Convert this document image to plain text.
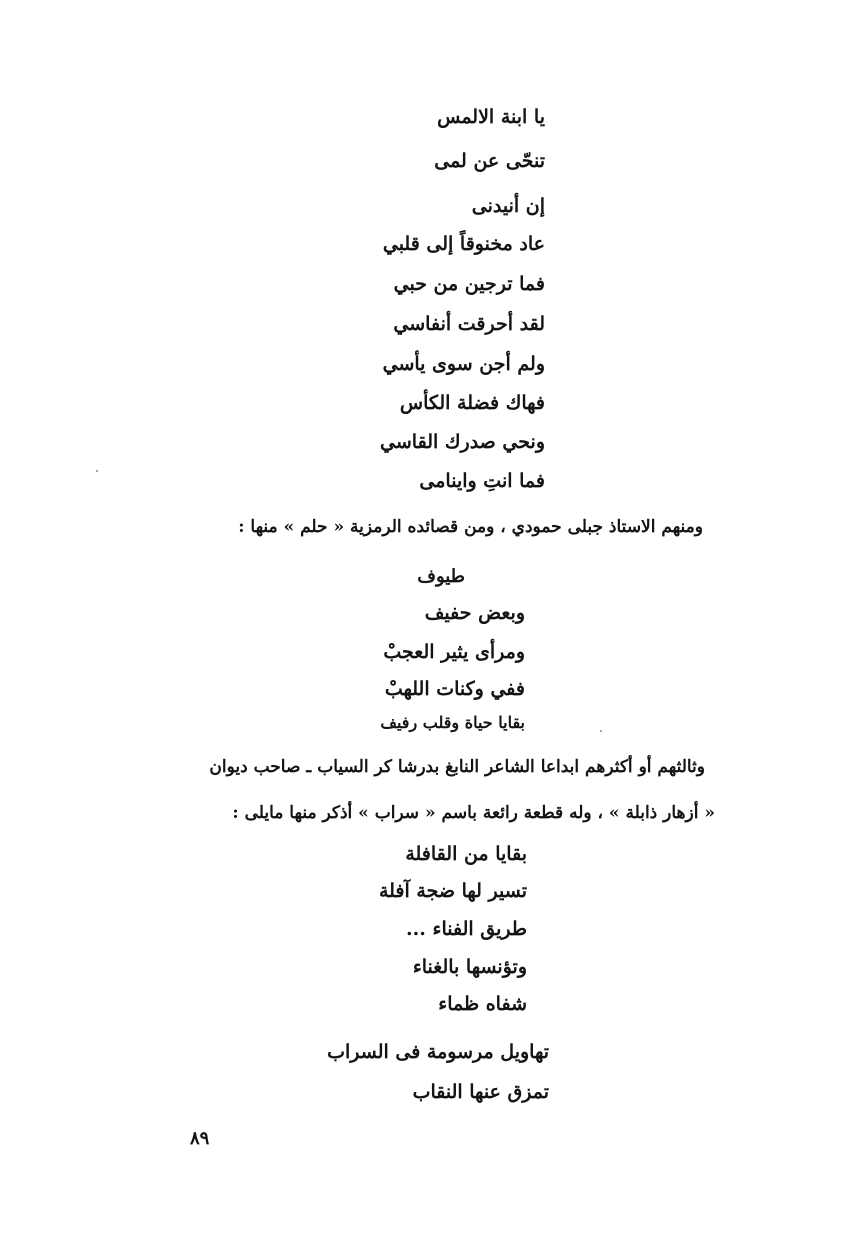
يا ابنة الالمس
تنحّى عن لمى
إن أنيدنى
عاد مخنوقاً إلى قلبي
فما ترجين من حبي
لقد أحرقت أنفاسي
ولم أجن سوى يأسي
فهاك فضلة الكأس
ونحي صدرك القاسي
فما انتِ واينامى
ومنهم الاستاذ جبلى حمودي ، ومن قصائده الرمزية « حلم » منها :
طيوف
وبعض حفيف
ومرأى يثير العجبْ
ففي وكنات اللهبْ
بقايا حياة وقلب رفيف
وثالثهم أو أكثرهم ابداعا الشاعر النابغ بدرشا كر السياب ـ صاحب ديوان
« أزهار ذابلة » ، وله قطعة رائعة باسم « سراب » أذكر منها مايلى :
بقايا من القافلة
تسير لها ضجة آفلة
طريق الفناء ...
وتؤنسها بالغناء
شفاه ظماء
تهاويل مرسومة فى السراب
تمزق عنها النقاب
٨٩
